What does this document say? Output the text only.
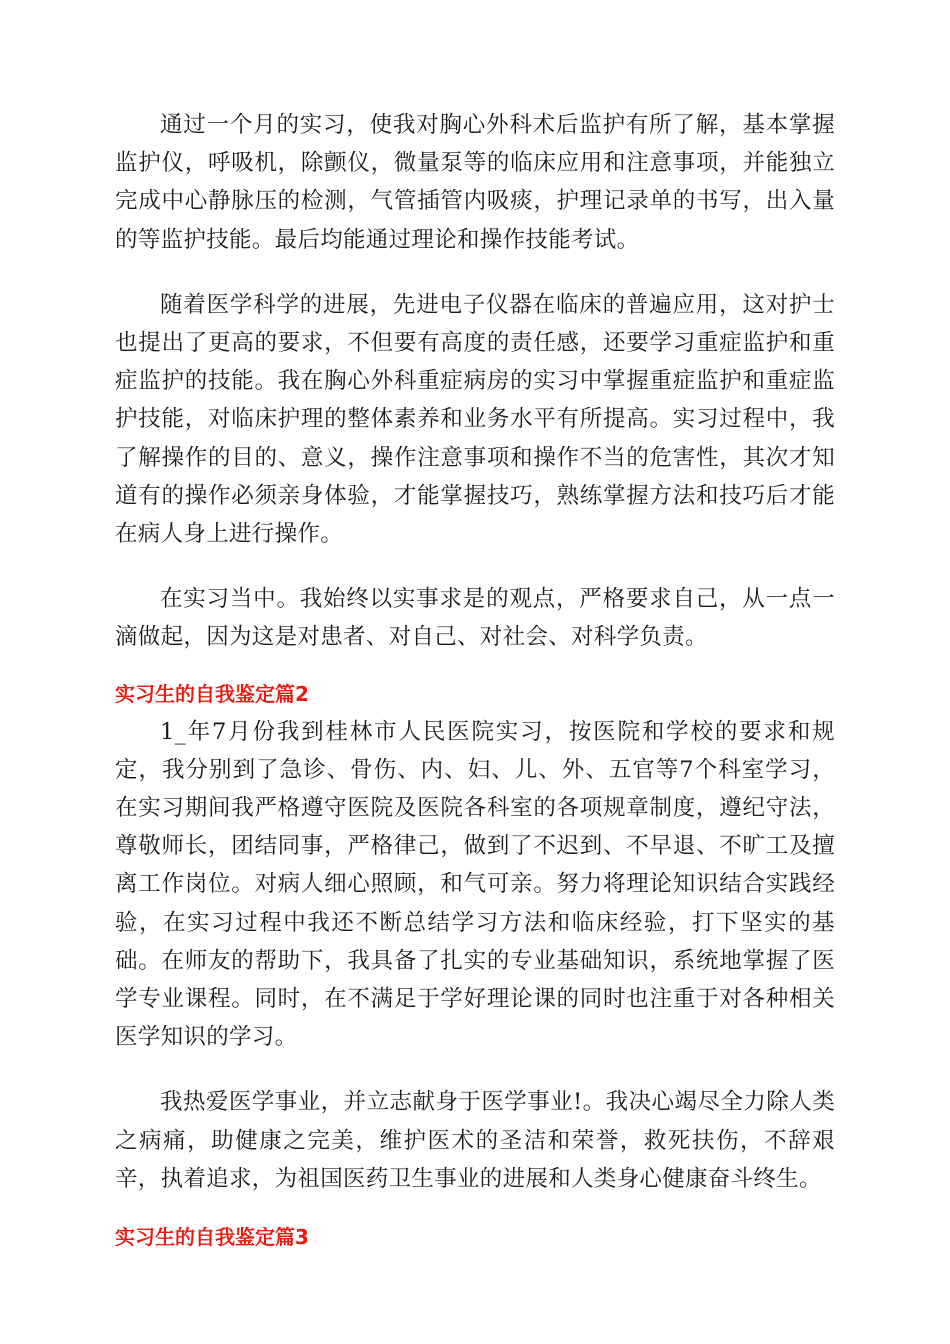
通过一个月的实习，使我对胸心外科术后监护有所了解，基本掌握监护仪，呼吸机，除颤仪，微量泵等的临床应用和注意事项，并能独立完成中心静脉压的检测，气管插管内吸痰，护理记录单的书写，出入量的等监护技能。最后均能通过理论和操作技能考试。

随着医学科学的进展，先进电子仪器在临床的普遍应用，这对护士也提出了更高的要求，不但要有高度的责任感，还要学习重症监护和重症监护的技能。我在胸心外科重症病房的实习中掌握重症监护和重症监护技能，对临床护理的整体素养和业务水平有所提高。实习过程中，我了解操作的目的、意义，操作注意事项和操作不当的危害性，其次才知道有的操作必须亲身体验，才能掌握技巧，熟练掌握方法和技巧后才能在病人身上进行操作。

在实习当中。我始终以实事求是的观点，严格要求自己，从一点一滴做起，因为这是对患者、对自己、对社会、对科学负责。

实习生的自我鉴定篇2

1_年7月份我到桂林市人民医院实习，按医院和学校的要求和规定，我分别到了急诊、骨伤、内、妇、儿、外、五官等7个科室学习，在实习期间我严格遵守医院及医院各科室的各项规章制度，遵纪守法，尊敬师长，团结同事，严格律己，做到了不迟到、不早退、不旷工及擅离工作岗位。对病人细心照顾，和气可亲。努力将理论知识结合实践经验，在实习过程中我还不断总结学习方法和临床经验，打下坚实的基础。在师友的帮助下，我具备了扎实的专业基础知识，系统地掌握了医学专业课程。同时，在不满足于学好理论课的同时也注重于对各种相关医学知识的学习。

我热爱医学事业，并立志献身于医学事业!。我决心竭尽全力除人类之病痛，助健康之完美，维护医术的圣洁和荣誉，救死扶伤，不辞艰辛，执着追求，为祖国医药卫生事业的进展和人类身心健康奋斗终生。

实习生的自我鉴定篇3
